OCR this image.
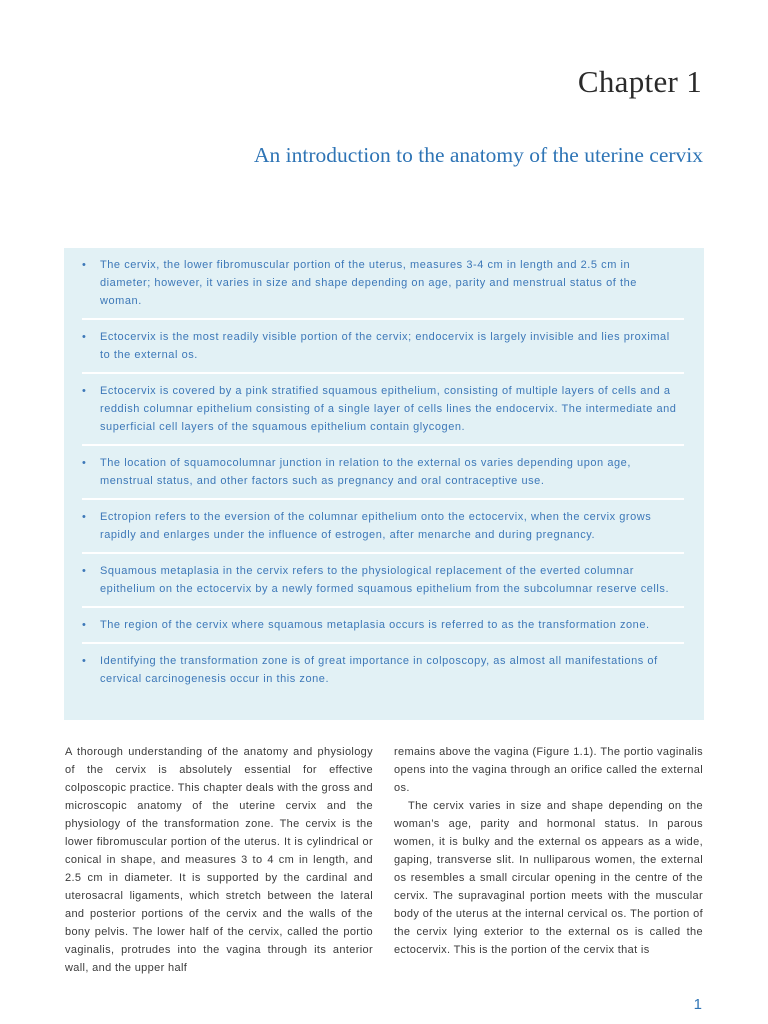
Chapter 1
An introduction to the anatomy of the uterine cervix
• The cervix, the lower fibromuscular portion of the uterus, measures 3-4 cm in length and 2.5 cm in diameter; however, it varies in size and shape depending on age, parity and menstrual status of the woman.
• Ectocervix is the most readily visible portion of the cervix; endocervix is largely invisible and lies proximal to the external os.
• Ectocervix is covered by a pink stratified squamous epithelium, consisting of multiple layers of cells and a reddish columnar epithelium consisting of a single layer of cells lines the endocervix. The intermediate and superficial cell layers of the squamous epithelium contain glycogen.
• The location of squamocolumnar junction in relation to the external os varies depending upon age, menstrual status, and other factors such as pregnancy and oral contraceptive use.
• Ectropion refers to the eversion of the columnar epithelium onto the ectocervix, when the cervix grows rapidly and enlarges under the influence of estrogen, after menarche and during pregnancy.
• Squamous metaplasia in the cervix refers to the physiological replacement of the everted columnar epithelium on the ectocervix by a newly formed squamous epithelium from the subcolumnar reserve cells.
• The region of the cervix where squamous metaplasia occurs is referred to as the transformation zone.
• Identifying the transformation zone is of great importance in colposcopy, as almost all manifestations of cervical carcinogenesis occur in this zone.

A thorough understanding of the anatomy and physiology of the cervix is absolutely essential for effective colposcopic practice. This chapter deals with the gross and microscopic anatomy of the uterine cervix and the physiology of the transformation zone. The cervix is the lower fibromuscular portion of the uterus. It is cylindrical or conical in shape, and measures 3 to 4 cm in length, and 2.5 cm in diameter. It is supported by the cardinal and uterosacral ligaments, which stretch between the lateral and posterior portions of the cervix and the walls of the bony pelvis. The lower half of the cervix, called the portio vaginalis, protrudes into the vagina through its anterior wall, and the upper half

remains above the vagina (Figure 1.1). The portio vaginalis opens into the vagina through an orifice called the external os.

The cervix varies in size and shape depending on the woman’s age, parity and hormonal status. In parous women, it is bulky and the external os appears as a wide, gaping, transverse slit. In nulliparous women, the external os resembles a small circular opening in the centre of the cervix. The supravaginal portion meets with the muscular body of the uterus at the internal cervical os. The portion of the cervix lying exterior to the external os is called the ectocervix. This is the portion of the cervix that is

1
